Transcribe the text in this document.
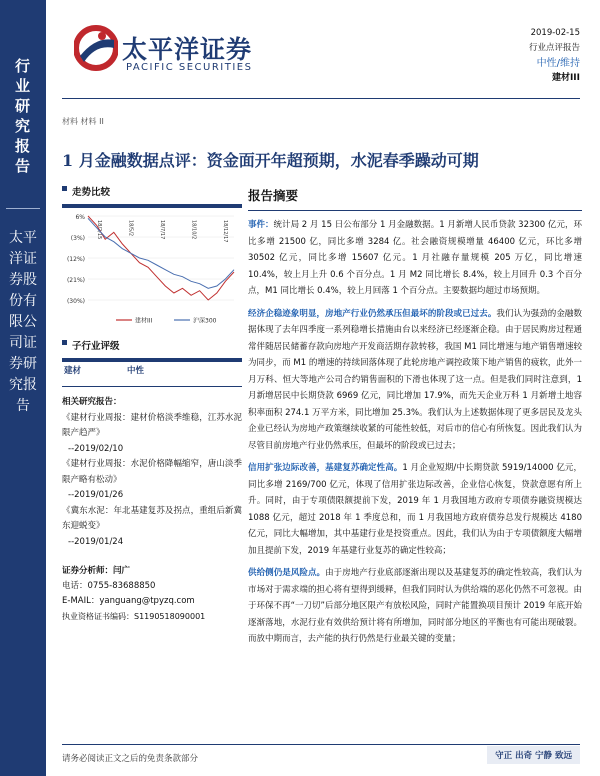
行业研究报告
太平洋证券股份有限公司证券研究报告
太平洋证券
PACIFIC SECURITIES
2019-02-15
行业点评报告
中性/维持
建材III
材料 材料 II
1 月金融数据点评：资金面开年超预期，水泥春季躁动可期
走势比较
6%
(3%)
(12%)
(21%)
(30%)
18/2/15	18/5/2	18/7/17	18/10/2	18/12/17
建材III	沪深300
子行业评级
建材	中性
相关研究报告：
《建材行业周报：建材价格淡季维稳，江苏水泥限产趋严》
--2019/02/10
《建材行业周报：水泥价格降幅缩窄，唐山淡季限产略有松动》
--2019/01/26
《冀东水泥：年北基建复苏及拐点，重组后新冀东迎蜕变》
--2019/01/24
证券分析师：闫广
电话：0755-83688850
E-MAIL：yanguang@tpyzq.com
执业资格证书编码：S1190518090001
报告摘要

事件：统计局 2 月 15 日公布部分 1 月金融数据。1 月新增人民币贷款 32300 亿元，环比多增 21500 亿，同比多增 3284 亿。社会融资规模增量 46400 亿元，环比多增 30502 亿元，同比多增 15607 亿元。1 月社融存量规模 205 万亿，同比增速 10.4%，较上月上升 0.6 个百分点。1 月 M2 同比增长 8.4%，较上月回升 0.3 个百分点，M1 同比增长 0.4%，较上月回落 1 个百分点。主要数据均超过市场预期。

经济企稳迹象明显，房地产行业仍然承压但最坏的阶段或已过去。我们认为强劲的金融数据体现了去年四季度一系列稳增长措施由台以来经济已经逐渐企稳。由于居民购房过程通常伴随居民储蓄存款向房地产开发商活期存款转移，我国 M1 同比增速与地产销售增速较为同步，而 M1 的增速的持续回落体现了此轮房地产调控政策下地产销售的疲软，此外一月万科、恒大等地产公司合约销售面积的下滑也体现了这一点。但是我们同时注意到，1 月新增居民中长期贷款 6969 亿元，同比增加 17.9%，而先天企业万科 1 月新增土地容积率面积 274.1 万平方米，同比增加 25.3%。我们认为上述数据体现了更多居民及龙头企业已经认为房地产政策继续收紧的可能性较低，对后市的信心有所恢复。因此我们认为尽管目前房地产行业仍然承压，但最坏的阶段或已过去；

信用扩张边际改善，基建复苏确定性高。1 月企业短期/中长期贷款 5919/14000 亿元，同比多增 2169/700 亿元，体现了信用扩张边际改善，企业信心恢复，贷款意愿有所上升。同时，由于专项债限额提前下发，2019 年 1 月我国地方政府专项债券融资规模达 1088 亿元，超过 2018 年 1 季度总和，而 1 月我国地方政府债券总发行规模达 4180 亿元，同比大幅增加，其中基建行业是投资重点。因此，我们认为由于专项债额度大幅增加且提前下发，2019 年基建行业复苏的确定性较高；

供给侧仍是风险点。由于房地产行业底部逐渐出现以及基建复苏的确定性较高，我们认为市场对于需求端的担心将有望得到缓释，但我们同时认为供给端的恶化仍然不可忽视。由于环保不再“一刀切”后部分地区限产有放松风险，同时产能置换项目预计 2019 年底开始逐渐落地，水泥行业有效供给预计将有所增加，同时部分地区的平衡也有可能出现破裂。而放中期而言，去产能的执行仍然是行业最关键的变量；

请务必阅读正文之后的免责条款部分	守正 出奇 宁静 致远
